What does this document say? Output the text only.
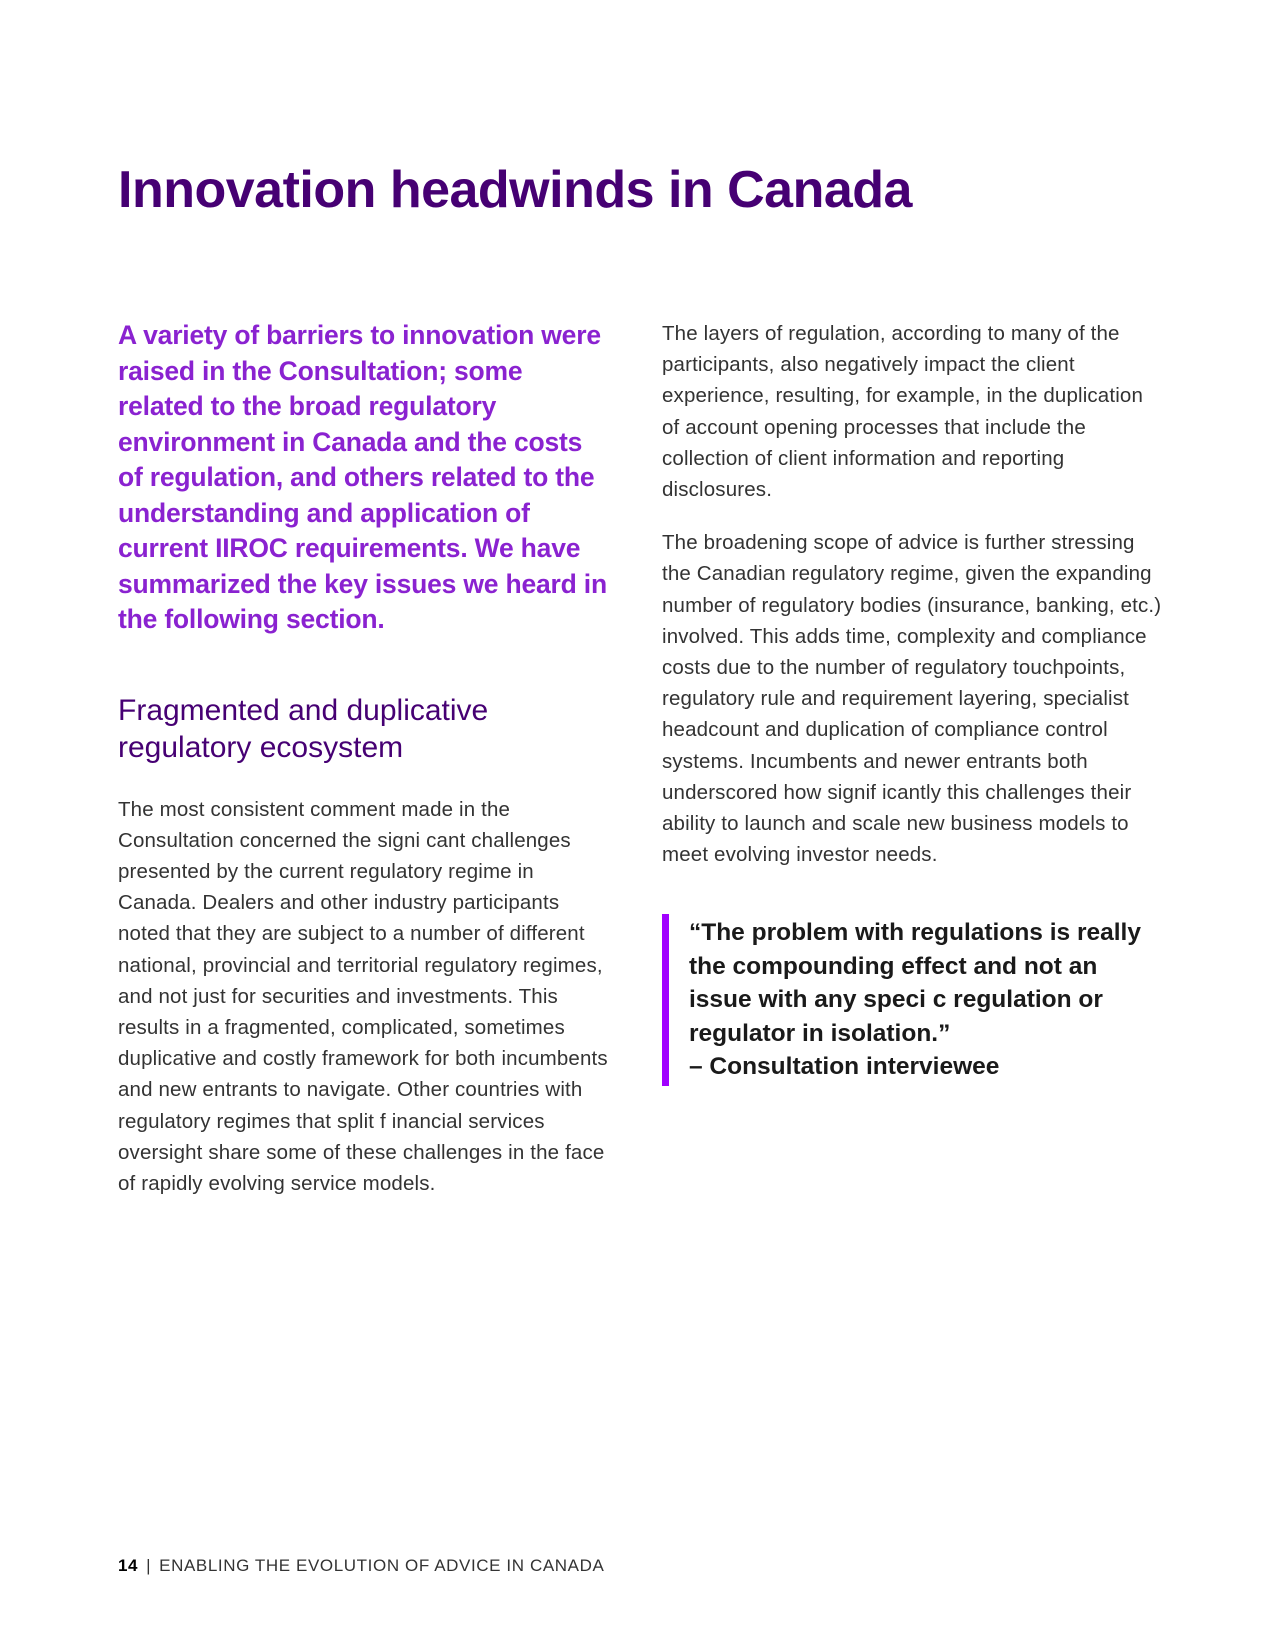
Innovation headwinds in Canada

A variety of barriers to innovation were raised in the Consultation; some related to the broad regulatory environment in Canada and the costs of regulation, and others related to the understanding and application of current IIROC requirements. We have summarized the key issues we heard in the following section.

Fragmented and duplicative regulatory ecosystem

The most consistent comment made in the Consultation concerned the signi cant challenges presented by the current regulatory regime in Canada. Dealers and other industry participants noted that they are subject to a number of different national, provincial and territorial regulatory regimes, and not just for securities and investments. This results in a fragmented, complicated, sometimes duplicative and costly framework for both incumbents and new entrants to navigate. Other countries with regulatory regimes that split f inancial services oversight share some of these challenges in the face of rapidly evolving service models.

The layers of regulation, according to many of the participants, also negatively impact the client experience, resulting, for example, in the duplication of account opening processes that include the collection of client information and reporting disclosures.

The broadening scope of advice is further stressing the Canadian regulatory regime, given the expanding number of regulatory bodies (insurance, banking, etc.) involved. This adds time, complexity and compliance costs due to the number of regulatory touchpoints, regulatory rule and requirement layering, specialist headcount and duplication of compliance control systems. Incumbents and newer entrants both underscored how signif icantly this challenges their ability to launch and scale new business models to meet evolving investor needs.

“The problem with regulations is really the compounding effect and not an issue with any speci c regulation or regulator in isolation.”

– Consultation interviewee

14 | ENABLING THE EVOLUTION OF ADVICE IN CANADA
